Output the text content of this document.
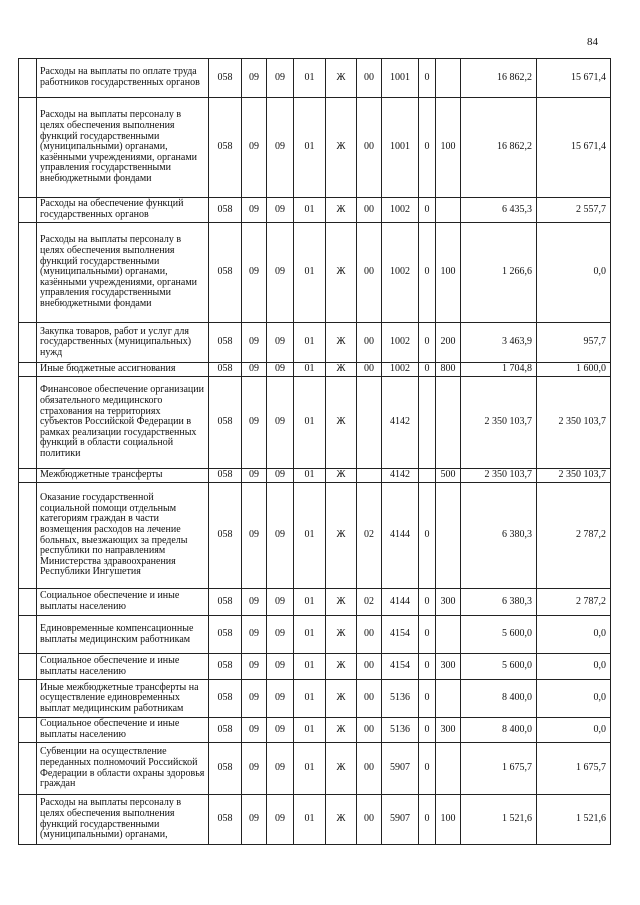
84
	Расходы на выплаты по оплате труда работников государственных органов	058	09	09	01	Ж	00	1001	0		16 862,2	15 671,4
	Расходы на выплаты персоналу в целях обеспечения выполнения функций государственными (муниципальными) органами, казёнными учреждениями, органами управления государственными внебюджетными фондами	058	09	09	01	Ж	00	1001	0	100	16 862,2	15 671,4
	Расходы на обеспечение функций государственных органов	058	09	09	01	Ж	00	1002	0		6 435,3	2 557,7
	Расходы на выплаты персоналу в целях обеспечения выполнения функций государственными (муниципальными) органами, казёнными учреждениями, органами управления государственными внебюджетными фондами	058	09	09	01	Ж	00	1002	0	100	1 266,6	0,0
	Закупка товаров, работ и услуг для государственных (муниципальных) нужд	058	09	09	01	Ж	00	1002	0	200	3 463,9	957,7
	Иные бюджетные ассигнования	058	09	09	01	Ж	00	1002	0	800	1 704,8	1 600,0
	Финансовое обеспечение организации обязательного медицинского страхования на территориях субъектов Российской Федерации в рамках реализации государственных функций в области социальной политики	058	09	09	01	Ж		4142			2 350 103,7	2 350 103,7
	Межбюджетные трансферты	058	09	09	01	Ж		4142		500	2 350 103,7	2 350 103,7
	Оказание государственной социальной помощи отдельным категориям граждан в части возмещения расходов на лечение больных, выезжающих за пределы республики по направлениям Министерства здравоохранения Республики Ингушетия	058	09	09	01	Ж	02	4144	0		6 380,3	2 787,2
	Социальное обеспечение и иные выплаты населению	058	09	09	01	Ж	02	4144	0	300	6 380,3	2 787,2
	Единовременные компенсационные выплаты медицинским работникам	058	09	09	01	Ж	00	4154	0		5 600,0	0,0
	Социальное обеспечение и иные выплаты населению	058	09	09	01	Ж	00	4154	0	300	5 600,0	0,0
	Иные межбюджетные трансферты на осуществление единовременных выплат медицинским работникам	058	09	09	01	Ж	00	5136	0		8 400,0	0,0
	Социальное обеспечение и иные выплаты населению	058	09	09	01	Ж	00	5136	0	300	8 400,0	0,0
	Субвенции на осуществление переданных полномочий Российской Федерации в области охраны здоровья граждан	058	09	09	01	Ж	00	5907	0		1 675,7	1 675,7
	Расходы на выплаты персоналу в целях обеспечения выполнения функций государственными (муниципальными) органами,	058	09	09	01	Ж	00	5907	0	100	1 521,6	1 521,6
